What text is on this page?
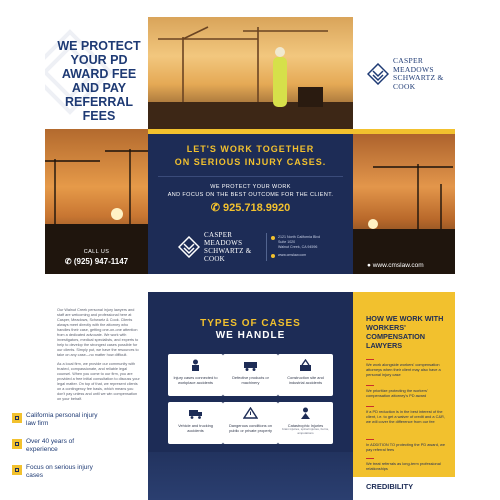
WE PROTECT YOUR PD AWARD FEE AND PAY REFERRAL FEES
CASPER
MEADOWS
SCHWARTZ &
COOK
CALL US
✆ (925) 947-1147
LET'S WORK TOGETHER
ON SERIOUS INJURY CASES.
WE PROTECT YOUR WORK
AND FOCUS ON THE BEST OUTCOME FOR THE CLIENT.
✆ 925.718.9920
CASPER
MEADOWS
SCHWARTZ &
COOK
2121 North California Blvd
Suite 1020
Walnut Creek, CA 94596
www.cmslaw.com
● www.cmslaw.com

Our Walnut Creek personal injury lawyers and staff are welcoming and professional here at Casper, Meadows, Schwartz & Cook. Clients always meet directly with the attorney who handles their case, getting one-on-one attention from a dedicated advocate. We work with investigators, medical specialists, and experts to help to develop the strongest cases possible for our clients. Simply put, we have the resources to take on any case—no matter how difficult.

As a local firm, we provide our community with trusted, compassionate, and reliable legal counsel. When you come to our firm, you are provided a free initial consultation to discuss your legal matter. On top of that, we represent clients on a contingency fee basis, which means you don't pay unless and until we win compensation on your behalf.

California personal injury law firm
Over 40 years of experience
Focus on serious injury cases
TYPES OF CASES
WE HANDLE
Injury cases connected to workplace accidents
Defective products or machinery
Construction site and industrial accidents
Vehicle and trucking accidents
Dangerous conditions on public or private property
Catastrophic Injuries
brain injuries, spinal injuries, burns, amputations
HOW WE WORK WITH WORKERS' COMPENSATION LAWYERS
We work alongside workers' compensation attorneys when their client may also have a personal injury case
We prioritize protecting the workers' compensation attorney's PD award
If a PD reduction is in the best interest of the client, i.e. to get a waiver of credit and a C&R, we will cover the difference from our fee
In ADDITION TO protecting the PD award, we pay referral fees
We treat referrals as long-term professional relationships
CREDIBILITY
